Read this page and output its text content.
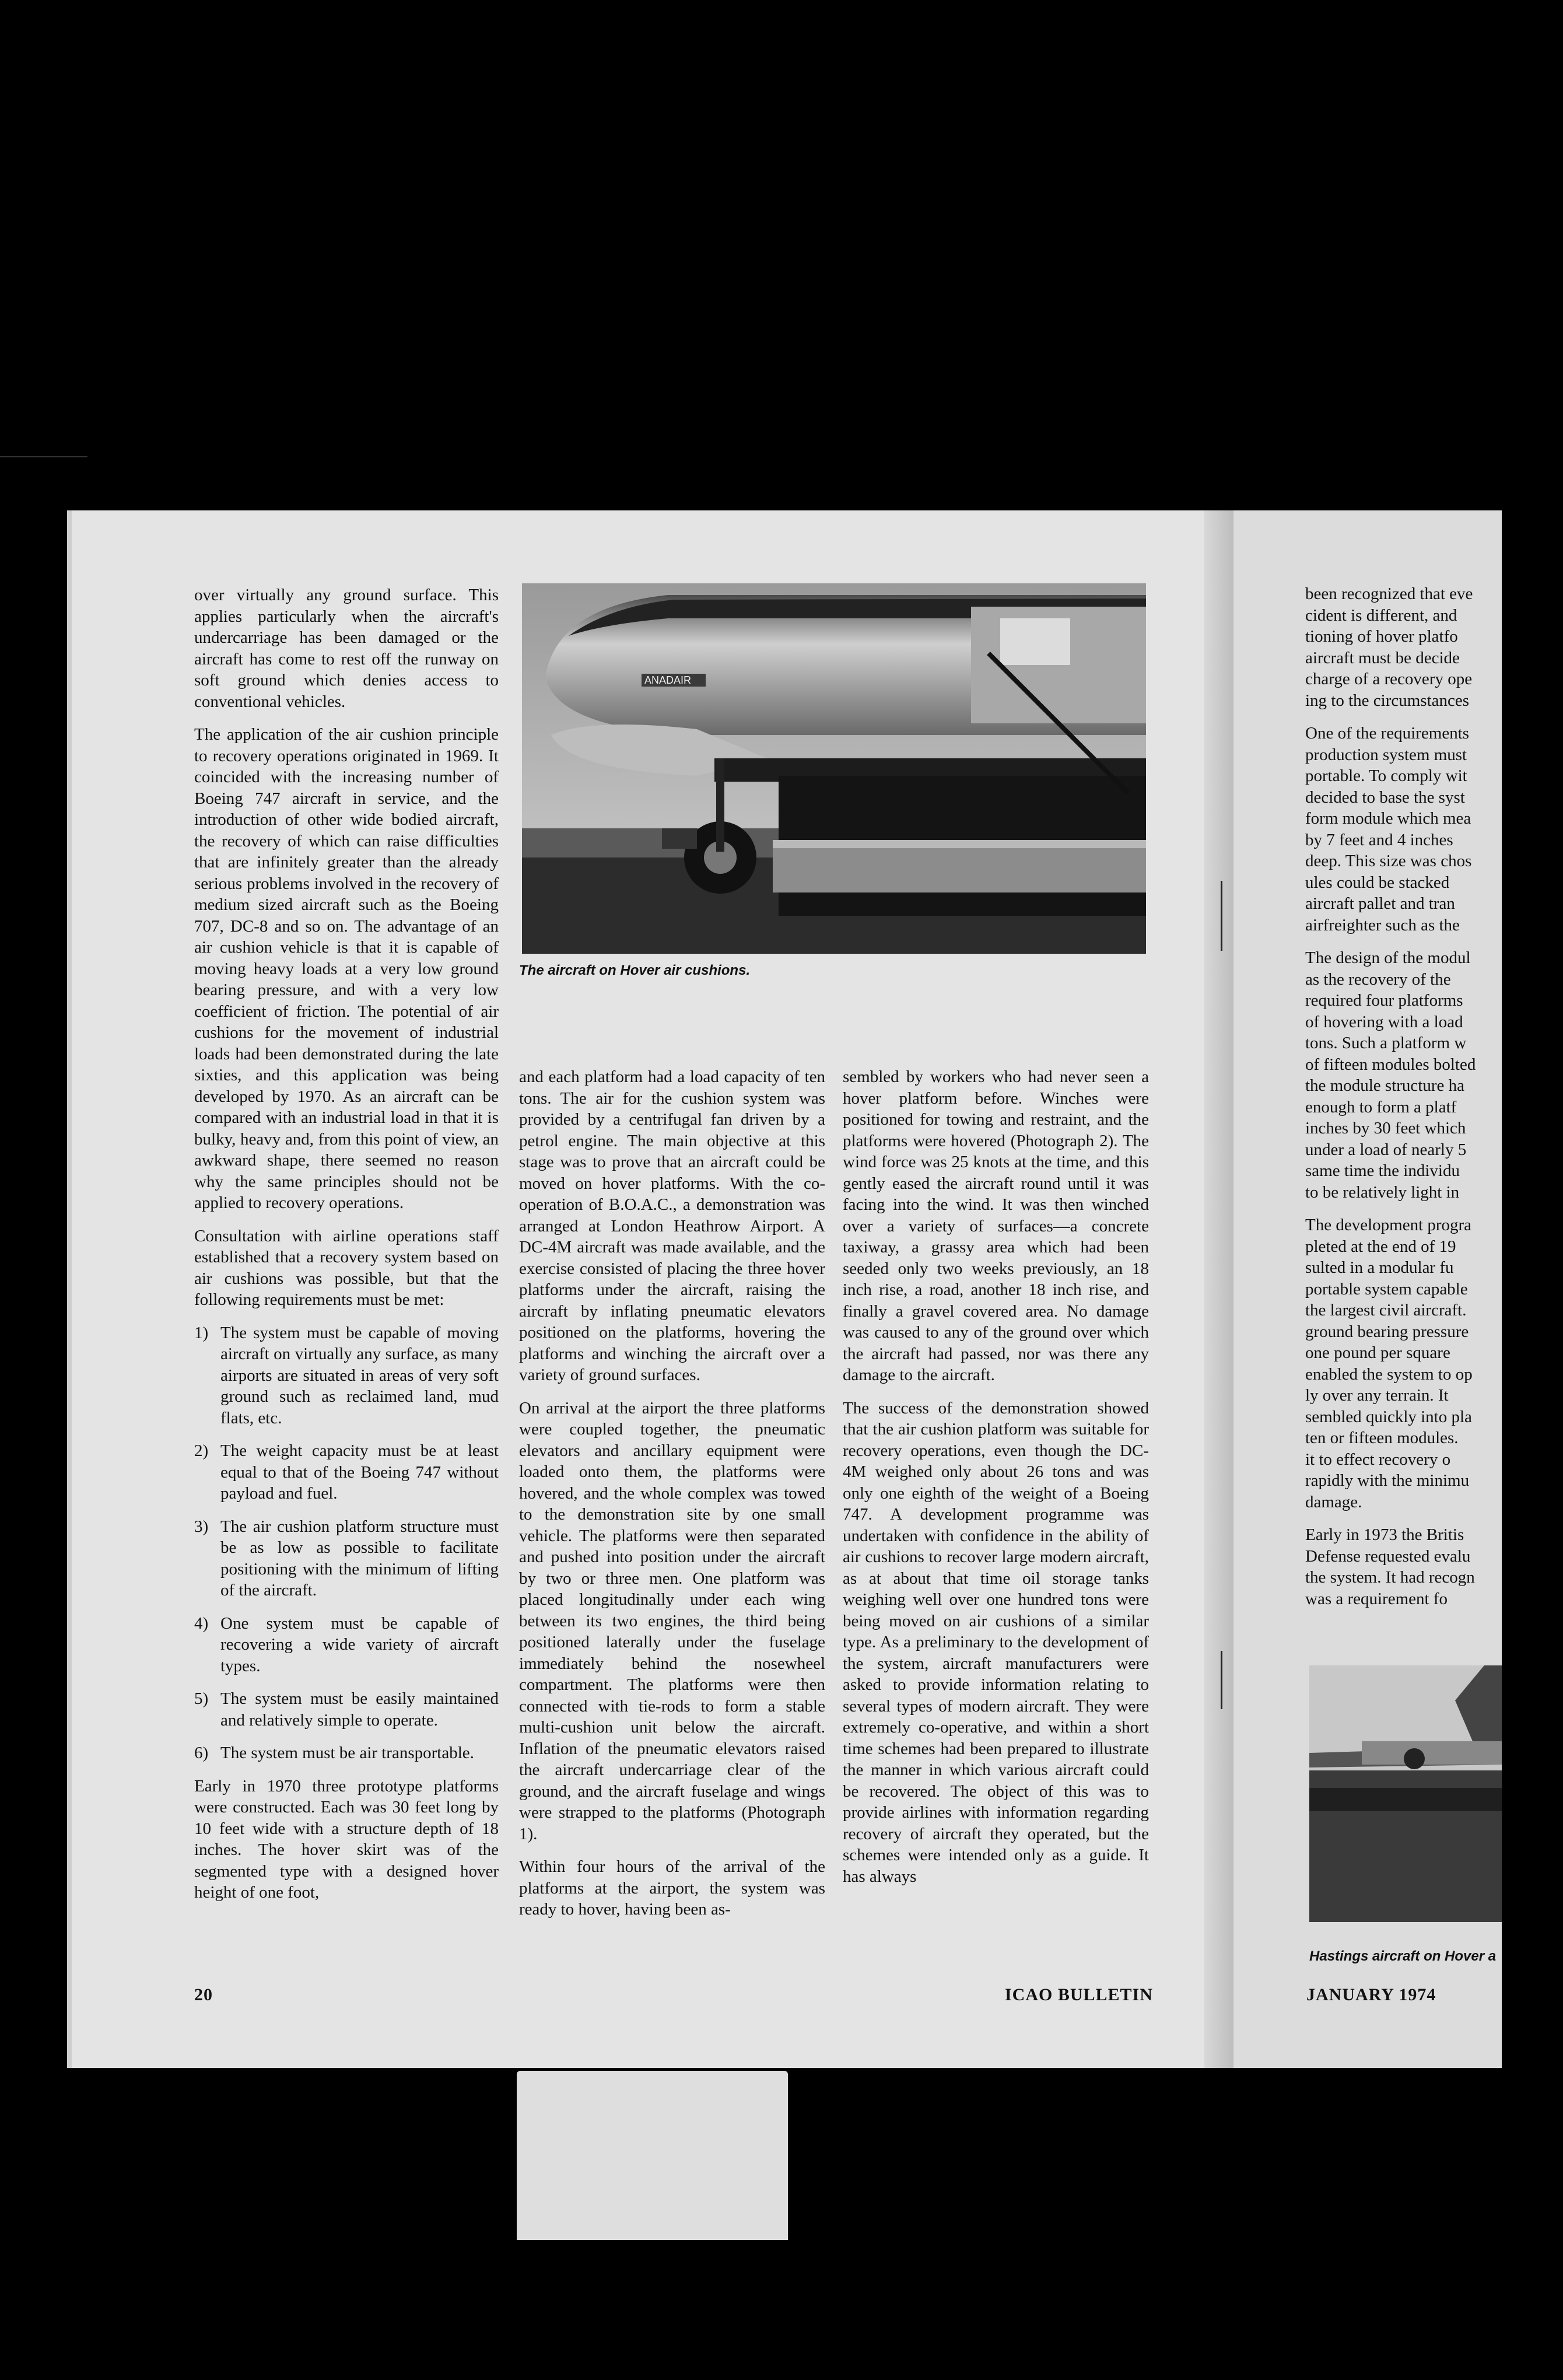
ANADAIR
The aircraft on Hover air cushions.

over virtually any ground surface. This applies particularly when the aircraft's undercarriage has been damaged or the aircraft has come to rest off the runway on soft ground which denies access to conventional vehicles.

The application of the air cushion principle to recovery operations originated in 1969. It coincided with the increasing number of Boeing 747 aircraft in service, and the introduction of other wide bodied aircraft, the recovery of which can raise difficulties that are infinitely greater than the already serious problems involved in the recovery of medium sized aircraft such as the Boeing 707, DC-8 and so on. The advantage of an air cushion vehicle is that it is capable of moving heavy loads at a very low ground bearing pressure, and with a very low coefficient of friction. The potential of air cushions for the movement of industrial loads had been demonstrated during the late sixties, and this application was being developed by 1970. As an aircraft can be compared with an industrial load in that it is bulky, heavy and, from this point of view, an awkward shape, there seemed no reason why the same principles should not be applied to recovery operations.

Consultation with airline operations staff established that a recovery system based on air cushions was possible, but that the following requirements must be met:

1) The system must be capable of moving aircraft on virtually any surface, as many airports are situated in areas of very soft ground such as reclaimed land, mud flats, etc.
2) The weight capacity must be at least equal to that of the Boeing 747 without payload and fuel.
3) The air cushion platform structure must be as low as possible to facilitate positioning with the minimum of lifting of the aircraft.
4) One system must be capable of recovering a wide variety of aircraft types.
5) The system must be easily maintained and relatively simple to operate.
6) The system must be air transportable.

Early in 1970 three prototype platforms were constructed. Each was 30 feet long by 10 feet wide with a structure depth of 18 inches. The hover skirt was of the segmented type with a designed hover height of one foot,

and each platform had a load capacity of ten tons. The air for the cushion system was provided by a centrifugal fan driven by a petrol engine. The main objective at this stage was to prove that an aircraft could be moved on hover platforms. With the co-operation of B.O.A.C., a demonstration was arranged at London Heathrow Airport. A DC-4M aircraft was made available, and the exercise consisted of placing the three hover platforms under the aircraft, raising the aircraft by inflating pneumatic elevators positioned on the platforms, hovering the platforms and winching the aircraft over a variety of ground surfaces.

On arrival at the airport the three platforms were coupled together, the pneumatic elevators and ancillary equipment were loaded onto them, the platforms were hovered, and the whole complex was towed to the demonstration site by one small vehicle. The platforms were then separated and pushed into position under the aircraft by two or three men. One platform was placed longitudinally under each wing between its two engines, the third being positioned laterally under the fuselage immediately behind the nosewheel compartment. The platforms were then connected with tie-rods to form a stable multi-cushion unit below the aircraft. Inflation of the pneumatic elevators raised the aircraft undercarriage clear of the ground, and the aircraft fuselage and wings were strapped to the platforms (Photograph 1).

Within four hours of the arrival of the platforms at the airport, the system was ready to hover, having been as-

sembled by workers who had never seen a hover platform before. Winches were positioned for towing and restraint, and the platforms were hovered (Photograph 2). The wind force was 25 knots at the time, and this gently eased the aircraft round until it was facing into the wind. It was then winched over a variety of surfaces—a concrete taxiway, a grassy area which had been seeded only two weeks previously, an 18 inch rise, a road, another 18 inch rise, and finally a gravel covered area. No damage was caused to any of the ground over which the aircraft had passed, nor was there any damage to the aircraft.

The success of the demonstration showed that the air cushion platform was suitable for recovery operations, even though the DC-4M weighed only about 26 tons and was only one eighth of the weight of a Boeing 747. A development programme was undertaken with confidence in the ability of air cushions to recover large modern aircraft, as at about that time oil storage tanks weighing well over one hundred tons were being moved on air cushions of a similar type. As a preliminary to the development of the system, aircraft manufacturers were asked to provide information relating to several types of modern aircraft. They were extremely co-operative, and within a short time schemes had been prepared to illustrate the manner in which various aircraft could be recovered. The object of this was to provide airlines with information regarding recovery of aircraft they operated, but the schemes were intended only as a guide. It has always

20	ICAO BULLETIN
been recognized that eve
cident is different, and
tioning of hover platfo
aircraft must be decide
charge of a recovery ope
ing to the circumstances
One of the requirements
production system must
portable. To comply wit
decided to base the syst
form module which mea
by 7 feet and 4 inches
deep. This size was chos
ules could be stacked
aircraft pallet and tran
airfreighter such as the
The design of the modul
as the recovery of the
required four platforms
of hovering with a load
tons. Such a platform w
of fifteen modules bolted
the module structure ha
enough to form a platf
inches by 30 feet which
under a load of nearly 5
same time the individu
to be relatively light in
The development progra
pleted at the end of 19
sulted in a modular fu
portable system capable
the largest civil aircraft.
ground bearing pressure
one pound per square
enabled the system to op
ly over any terrain. It
sembled quickly into pla
ten or fifteen modules.
it to effect recovery o
rapidly with the minimu
damage.
Early in 1973 the Britis
Defense requested evalu
the system. It had recogn
was a requirement fo
Hastings aircraft on Hover a
JANUARY 1974
